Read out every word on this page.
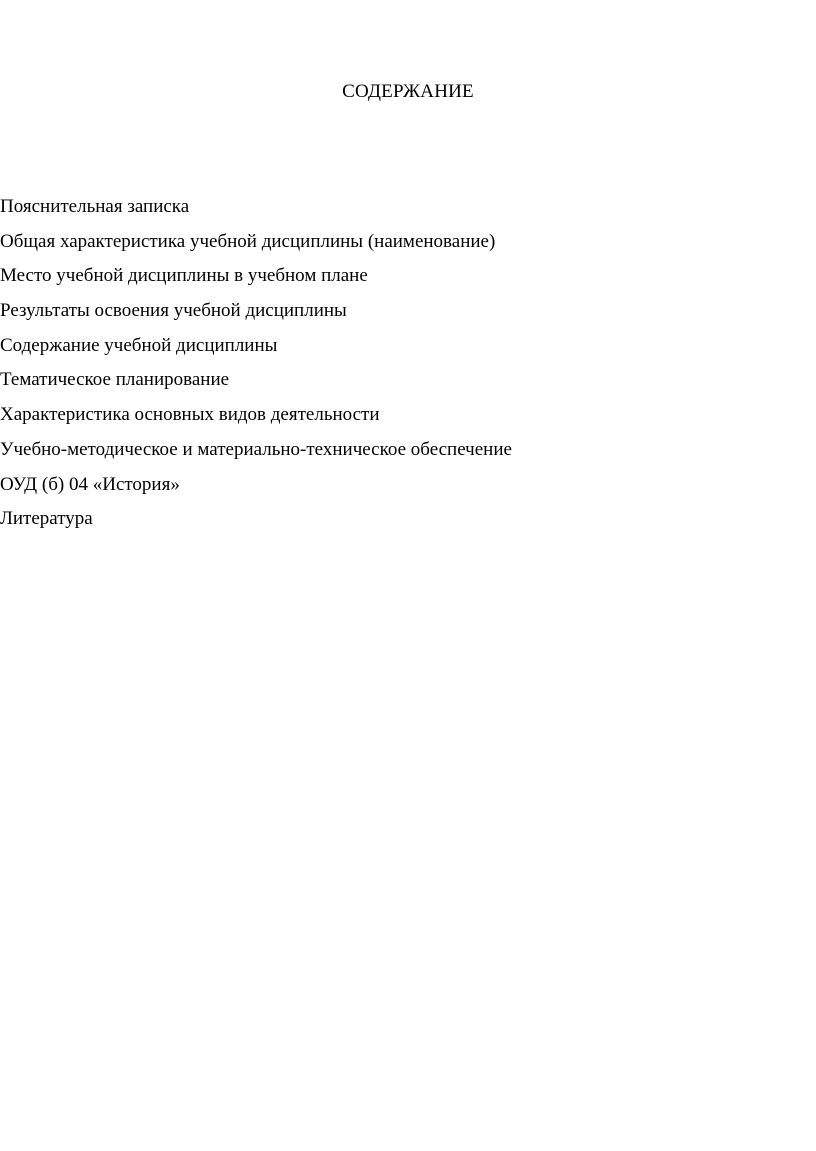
СОДЕРЖАНИЕ
Пояснительная записка
Общая характеристика учебной дисциплины (наименование)
Место учебной дисциплины в учебном плане
Результаты освоения учебной дисциплины
Содержание учебной дисциплины
Тематическое планирование
Характеристика основных видов деятельности
Учебно-методическое и материально-техническое обеспечение
ОУД (б) 04 «История»
Литература
